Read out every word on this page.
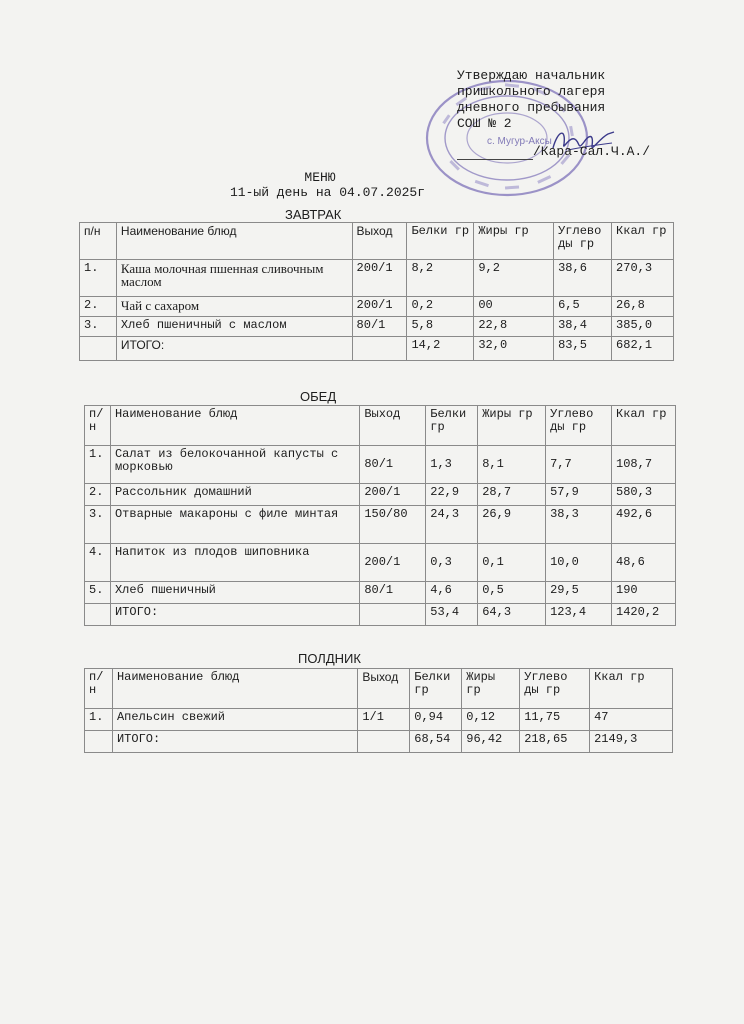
с. Мугур-Аксы
Утверждаю начальник
пришкольного лагеря
дневного пребывания
СОШ № 2
/Кара-Сал.Ч.А./
МЕНЮ
11-ый день на 04.07.2025г
ЗАВТРАК
п/н	Наименование блюд	Выход	Белки гр	Жиры гр	Углево ды гр	Ккал гр
1.	Каша молочная пшенная сливочным маслом	200/1	8,2	9,2	38,6	270,3
2.	Чай с сахаром	200/1	0,2	00	6,5	26,8
3.	Хлеб пшеничный с маслом	80/1	5,8	22,8	38,4	385,0
	ИТОГО:		14,2	32,0	83,5	682,1
ОБЕД
п/н	Наименование блюд	Выход	Белки гр	Жиры гр	Углево ды гр	Ккал гр
1.	Салат из белокочанной капусты с морковью	80/1	1,3	8,1	7,7	108,7
2.	Рассольник домашний	200/1	22,9	28,7	57,9	580,3
3.	Отварные макароны с филе минтая	150/80	24,3	26,9	38,3	492,6
4.	Напиток из плодов шиповника	200/1	0,3	0,1	10,0	48,6
5.	Хлеб пшеничный	80/1	4,6	0,5	29,5	190
	ИТОГО:		53,4	64,3	123,4	1420,2
ПОЛДНИК
п/н	Наименование блюд	Выход	Белки гр	Жиры гр	Углево ды гр	Ккал гр
1.	Апельсин свежий	1/1	0,94	0,12	11,75	47
	ИТОГО:		68,54	96,42	218,65	2149,3
